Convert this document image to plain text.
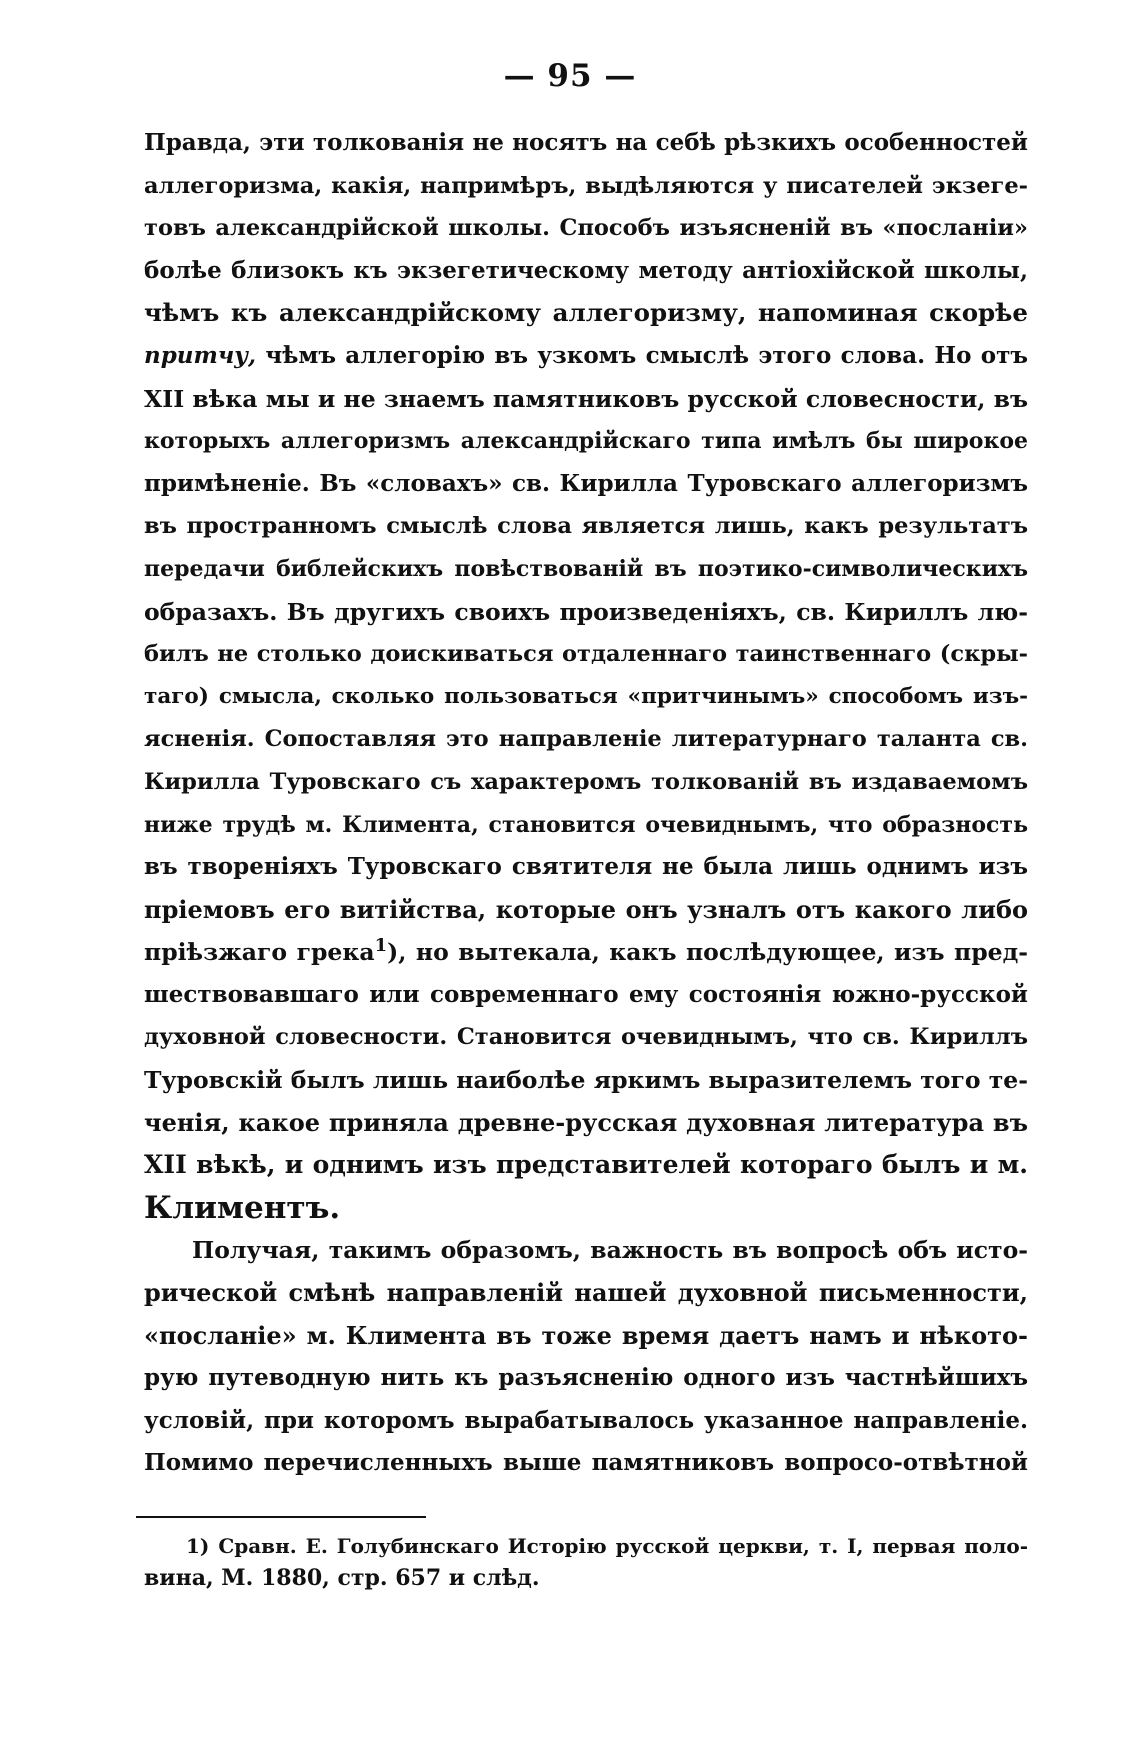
— 95 —
Правда, эти толкованія не носятъ на себѣ рѣзкихъ особенностей
аллегоризма, какія, напримѣръ, выдѣляются у писателей экзеге-
товъ александрійской школы. Способъ изъясненій въ «посланіи»
болѣе близокъ къ экзегетическому методу антіохійской школы,
чѣмъ къ александрійскому аллегоризму, напоминая скорѣе
притчу, чѣмъ аллегорію въ узкомъ смыслѣ этого слова. Но отъ
XII вѣка мы и не знаемъ памятниковъ русской словесности, въ
которыхъ аллегоризмъ александрійскаго типа имѣлъ бы широкое
примѣненіе. Въ «словахъ» св. Кирилла Туровскаго аллегоризмъ
въ пространномъ смыслѣ слова является лишь, какъ результатъ
передачи библейскихъ повѣствованій въ поэтико-символическихъ
образахъ. Въ другихъ своихъ произведеніяхъ, св. Кириллъ лю-
билъ не столько доискиваться отдаленнаго таинственнаго (скры-
таго) смысла, сколько пользоваться «притчинымъ» способомъ изъ-
ясненія. Сопоставляя это направленіе литературнаго таланта св.
Кирилла Туровскаго съ характеромъ толкованій въ издаваемомъ
ниже трудѣ м. Климента, становится очевиднымъ, что образность
въ твореніяхъ Туровскаго святителя не была лишь однимъ изъ
пріемовъ его витійства, которые онъ узналъ отъ какого либо
пріѣзжаго грека$^1$), но вытекала, какъ послѣдующее, изъ пред-
шествовавшаго или современнаго ему состоянія южно-русской
духовной словесности. Становится очевиднымъ, что св. Кириллъ
Туровскій былъ лишь наиболѣе яркимъ выразителемъ того те-
ченія, какое приняла древне-русская духовная литература въ
XII вѣкѣ, и однимъ изъ представителей котораго былъ и м.
Климентъ.
Получая, такимъ образомъ, важность въ вопросѣ объ исто-
рической смѣнѣ направленій нашей духовной письменности,
«посланіе» м. Климента въ тоже время даетъ намъ и нѣкото-
рую путеводную нить къ разъясненію одного изъ частнѣйшихъ
условій, при которомъ вырабатывалось указанное направленіе.
Помимо перечисленныхъ выше памятниковъ вопросо-отвѣтной
1) Сравн. Е. Голубинскаго Исторію русской церкви, т. I, первая поло-
вина, М. 1880, стр. 657 и слѣд.
